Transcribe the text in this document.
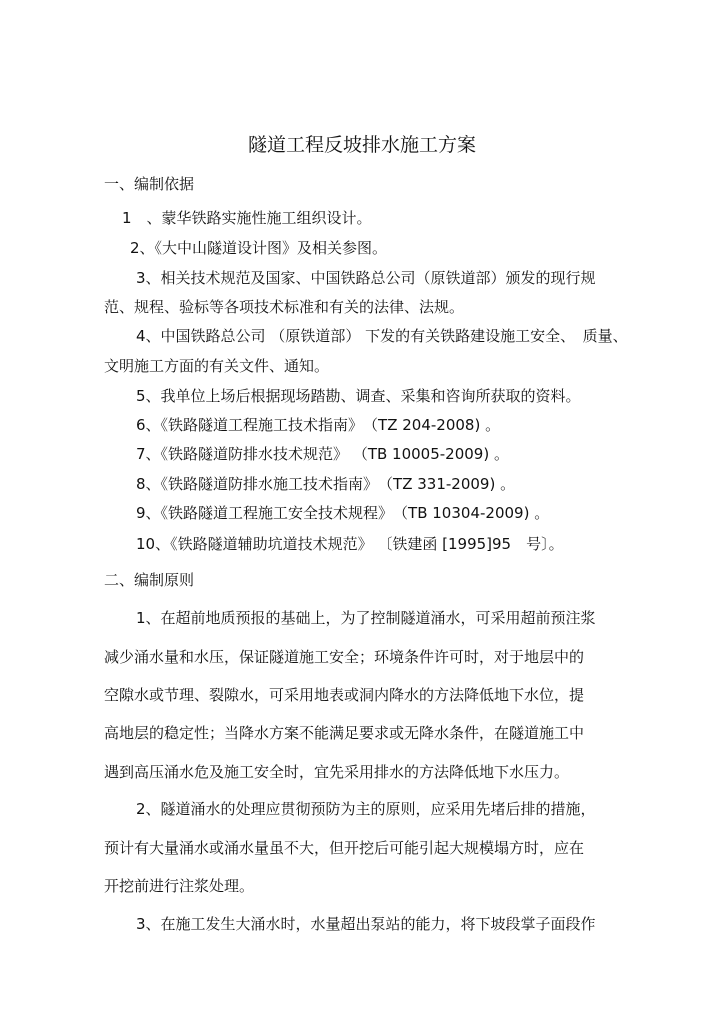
隧道工程反坡排水施工方案
一、编制依据
1　、蒙华铁路实施性施工组织设计。
2、《大中山隧道设计图》及相关参图。
3、相关技术规范及国家、中国铁路总公司（原铁道部）颁发的现行规
范、规程、验标等各项技术标准和有关的法律、法规。
4、中国铁路总公司 （原铁道部） 下发的有关铁路建设施工安全、　质量、
文明施工方面的有关文件、通知。
5、我单位上场后根据现场踏勘、调查、采集和咨询所获取的资料。
6、《铁路隧道工程施工技术指南》　（TZ 204-2008) 。
7、《铁路隧道防排水技术规范》 （TB 10005-2009) 。
8、《铁路隧道防排水施工技术指南》　（TZ 331-2009) 。
9、《铁路隧道工程施工安全技术规程》　（TB 10304-2009) 。
10、《铁路隧道辅助坑道技术规范》 〔铁建函 [1995]95　号〕。
二、编制原则
1、在超前地质预报的基础上，为了控制隧道涌水，可采用超前预注浆
减少涌水量和水压，保证隧道施工安全；环境条件许可时，对于地层中的
空隙水或节理、裂隙水，可采用地表或洞内降水的方法降低地下水位，提
高地层的稳定性；当降水方案不能满足要求或无降水条件，在隧道施工中
遇到高压涌水危及施工安全时，宜先采用排水的方法降低地下水压力。
2、隧道涌水的处理应贯彻预防为主的原则，应采用先堵后排的措施，
预计有大量涌水或涌水量虽不大，但开挖后可能引起大规模塌方时，应在
开挖前进行注浆处理。
3、在施工发生大涌水时，水量超出泵站的能力，将下坡段掌子面段作
